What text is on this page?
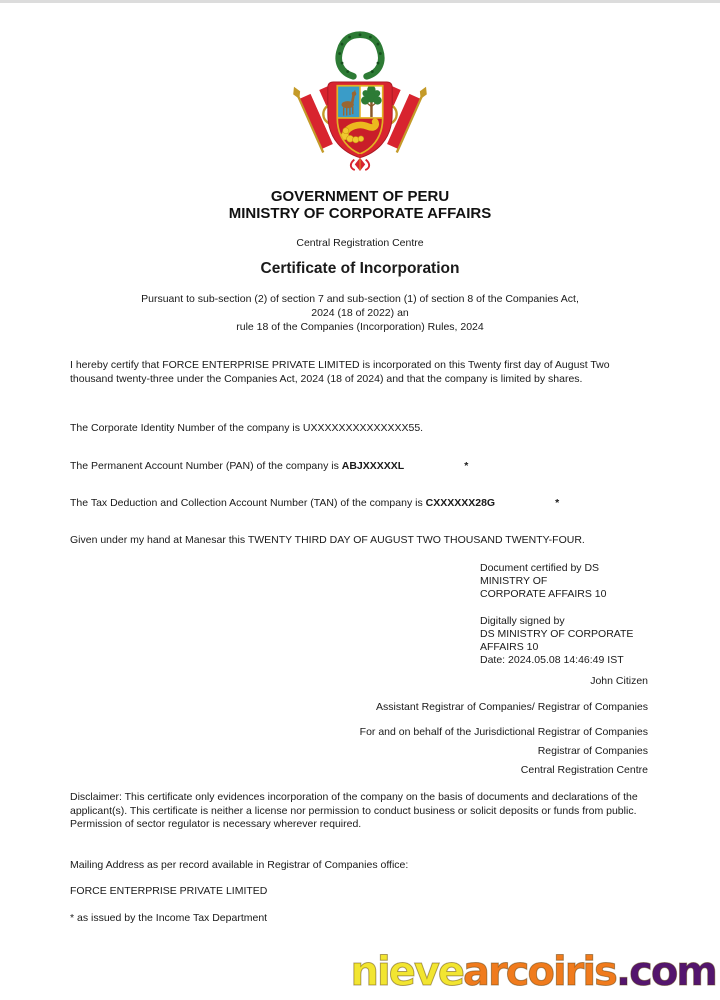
GOVERNMENT OF PERU
MINISTRY OF CORPORATE AFFAIRS
Central Registration Centre
Certificate of Incorporation
Pursuant to sub-section (2) of section 7 and sub-section (1) of section 8 of the Companies Act,
2024 (18 of 2022) an
rule 18 of the Companies (Incorporation) Rules, 2024

I hereby certify that FORCE ENTERPRISE PRIVATE LIMITED is incorporated on this Twenty first day of August Two thousand twenty-three under the Companies Act, 2024 (18 of 2024) and that the company is limited by shares.

The Corporate Identity Number of the company is UXXXXXXXXXXXXXX55.

The Permanent Account Number (PAN) of the company is ABJXXXXXL	*

The Tax Deduction and Collection Account Number (TAN) of the company is CXXXXXX28G	*

Given under my hand at Manesar this TWENTY THIRD DAY OF AUGUST TWO THOUSAND TWENTY-FOUR.

Document certified by DS
MINISTRY OF
CORPORATE AFFAIRS 10
Digitally signed by
DS MINISTRY OF CORPORATE
AFFAIRS 10
Date: 2024.05.08 14:46:49 IST
John Citizen
Assistant Registrar of Companies/ Registrar of Companies
For and on behalf of the Jurisdictional Registrar of Companies
Registrar of Companies
Central Registration Centre

Disclaimer: This certificate only evidences incorporation of the company on the basis of documents and declarations of the applicant(s). This certificate is neither a license nor permission to conduct business or solicit deposits or funds from public. Permission of sector regulator is necessary wherever required.

Mailing Address as per record available in Registrar of Companies office:

FORCE ENTERPRISE PRIVATE LIMITED

* as issued by the Income Tax Department

nievearcoiris.com
